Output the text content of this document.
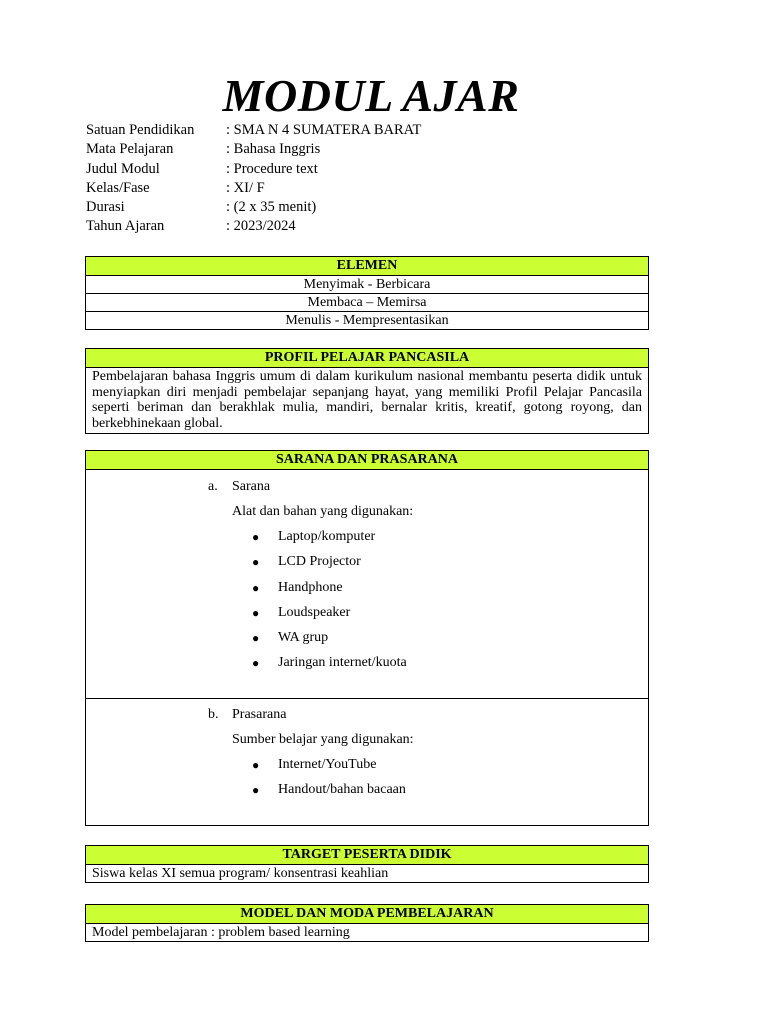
MODUL AJAR
Satuan Pendidikan	: SMA N 4 SUMATERA BARAT
Mata Pelajaran	: Bahasa Inggris
Judul Modul	: Procedure text
Kelas/Fase	: XI/ F
Durasi	: (2 x 35 menit)
Tahun Ajaran	: 2023/2024
ELEMEN
Menyimak - Berbicara
Membaca – Memirsa
Menulis - Mempresentasikan
PROFIL PELAJAR PANCASILA
Pembelajaran bahasa Inggris umum di dalam kurikulum nasional membantu peserta didik untuk menyiapkan diri menjadi pembelajar sepanjang hayat, yang memiliki Profil Pelajar Pancasila seperti beriman dan berakhlak mulia, mandiri, bernalar kritis, kreatif, gotong royong, dan berkebhinekaan global.
SARANA DAN PRASARANA
a. Sarana
Alat dan bahan yang digunakan:
●	Laptop/komputer
●	LCD Projector
●	Handphone
●	Loudspeaker
●	WA grup
●	Jaringan internet/kuota
b. Prasarana
Sumber belajar yang digunakan:
●	Internet/YouTube
●	Handout/bahan bacaan
TARGET PESERTA DIDIK
Siswa kelas XI semua program/ konsentrasi keahlian
MODEL DAN MODA PEMBELAJARAN
Model pembelajaran : problem based learning
